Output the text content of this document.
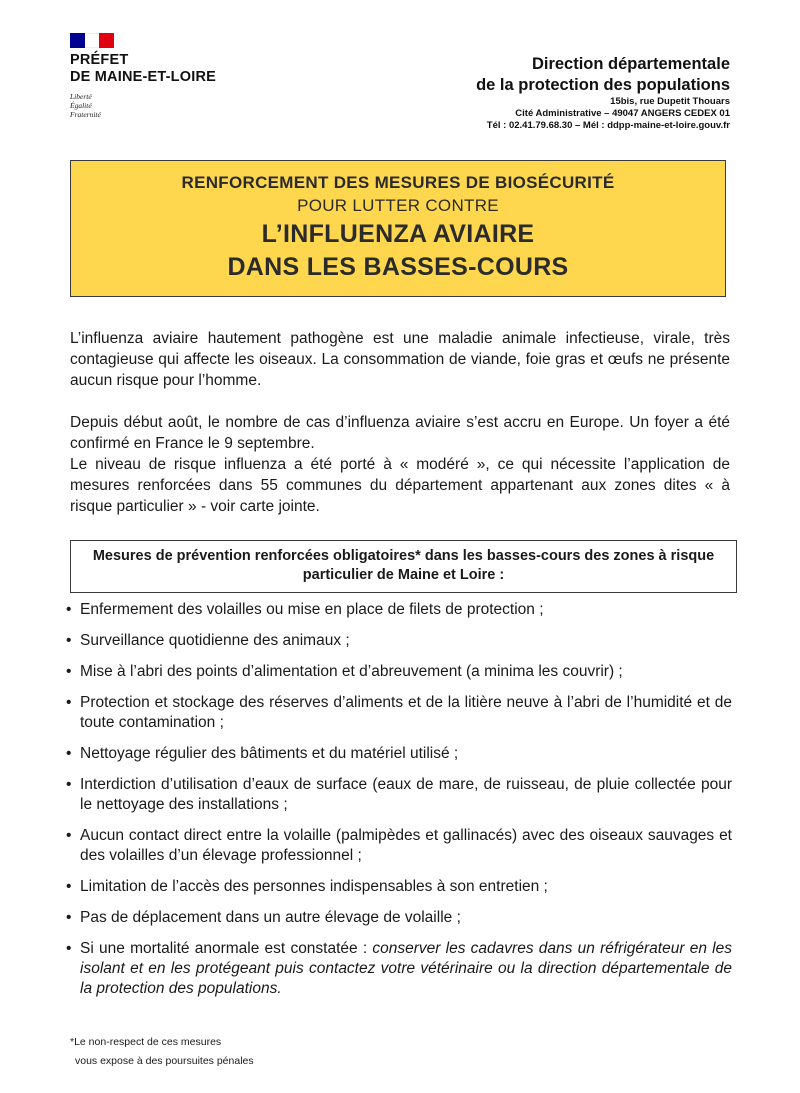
PRÉFET
DE MAINE-ET-LOIRE
Liberté
Égalité
Fraternité
Direction départementale
de la protection des populations
15bis, rue Dupetit Thouars
Cité Administrative – 49047 ANGERS CEDEX 01
Tél : 02.41.79.68.30 – Mél : ddpp-maine-et-loire.gouv.fr
RENFORCEMENT DES MESURES DE BIOSÉCURITÉ
POUR LUTTER CONTRE
L’INFLUENZA AVIAIRE
DANS LES BASSES-COURS

L’influenza aviaire hautement pathogène est une maladie animale infectieuse, virale, très contagieuse qui affecte les oiseaux. La consommation de viande, foie gras et œufs ne présente aucun risque pour l’homme.

Depuis début août, le nombre de cas d’influenza aviaire s’est accru en Europe. Un foyer a été confirmé en France le 9 septembre.

Le niveau de risque influenza a été porté à « modéré », ce qui nécessite l’application de mesures renforcées dans 55 communes du département appartenant aux zones dites « à risque particulier » - voir carte jointe.

Mesures de prévention renforcées obligatoires* dans les basses-cours des zones à risque particulier de Maine et Loire :
• Enfermement des volailles ou mise en place de filets de protection ;
• Surveillance quotidienne des animaux ;
• Mise à l’abri des points d’alimentation et d’abreuvement (a minima les couvrir) ;
• Protection et stockage des réserves d’aliments et de la litière neuve à l’abri de l’humidité et de toute contamination ;
• Nettoyage régulier des bâtiments et du matériel utilisé ;
• Interdiction d’utilisation d’eaux de surface (eaux de mare, de ruisseau, de pluie collectée pour le nettoyage des installations ;
• Aucun contact direct entre la volaille (palmipèdes et gallinacés) avec des oiseaux sauvages et des volailles d’un élevage professionnel ;
• Limitation de l’accès des personnes indispensables à son entretien ;
• Pas de déplacement dans un autre élevage de volaille ;
• Si une mortalité anormale est constatée : conserver les cadavres dans un réfrigérateur en les isolant et en les protégeant puis contactez votre vétérinaire ou la direction départementale de la protection des populations.
*Le non-respect de ces mesures
vous expose à des poursuites pénales
